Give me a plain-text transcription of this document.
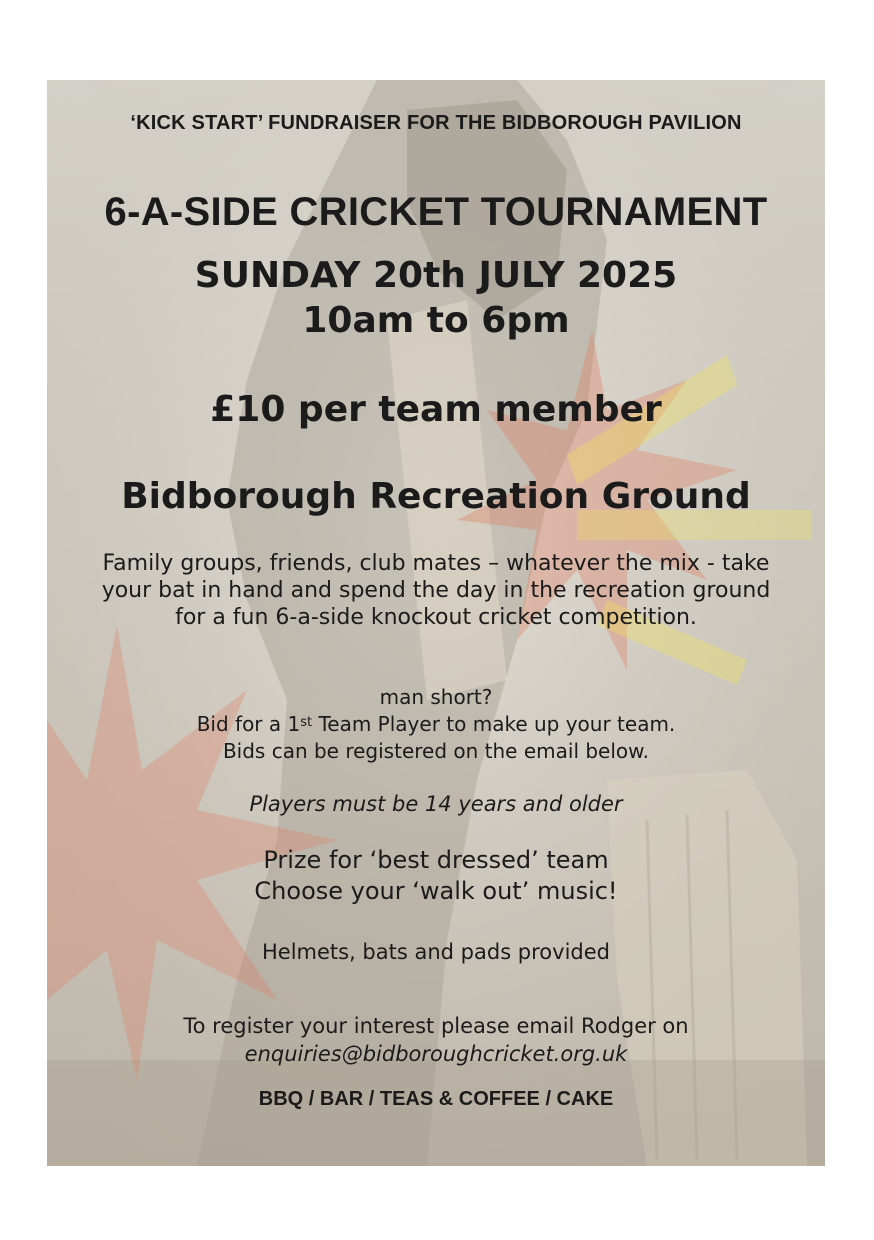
‘KICK START’ FUNDRAISER FOR THE BIDBOROUGH PAVILION
6-A-SIDE CRICKET TOURNAMENT
SUNDAY 20th JULY 2025
10am to 6pm
£10 per team member
Bidborough Recreation Ground
Family groups, friends, club mates – whatever the mix - take
your bat in hand and spend the day in the recreation ground
for a fun 6-a-side knockout cricket competition.
man short?
Bid for a 1st Team Player to make up your team.
Bids can be registered on the email below.
Players must be 14 years and older
Prize for ‘best dressed’ team
Choose your ‘walk out’ music!
Helmets, bats and pads provided
To register your interest please email Rodger on
enquiries@bidboroughcricket.org.uk
BBQ / BAR / TEAS & COFFEE / CAKE
